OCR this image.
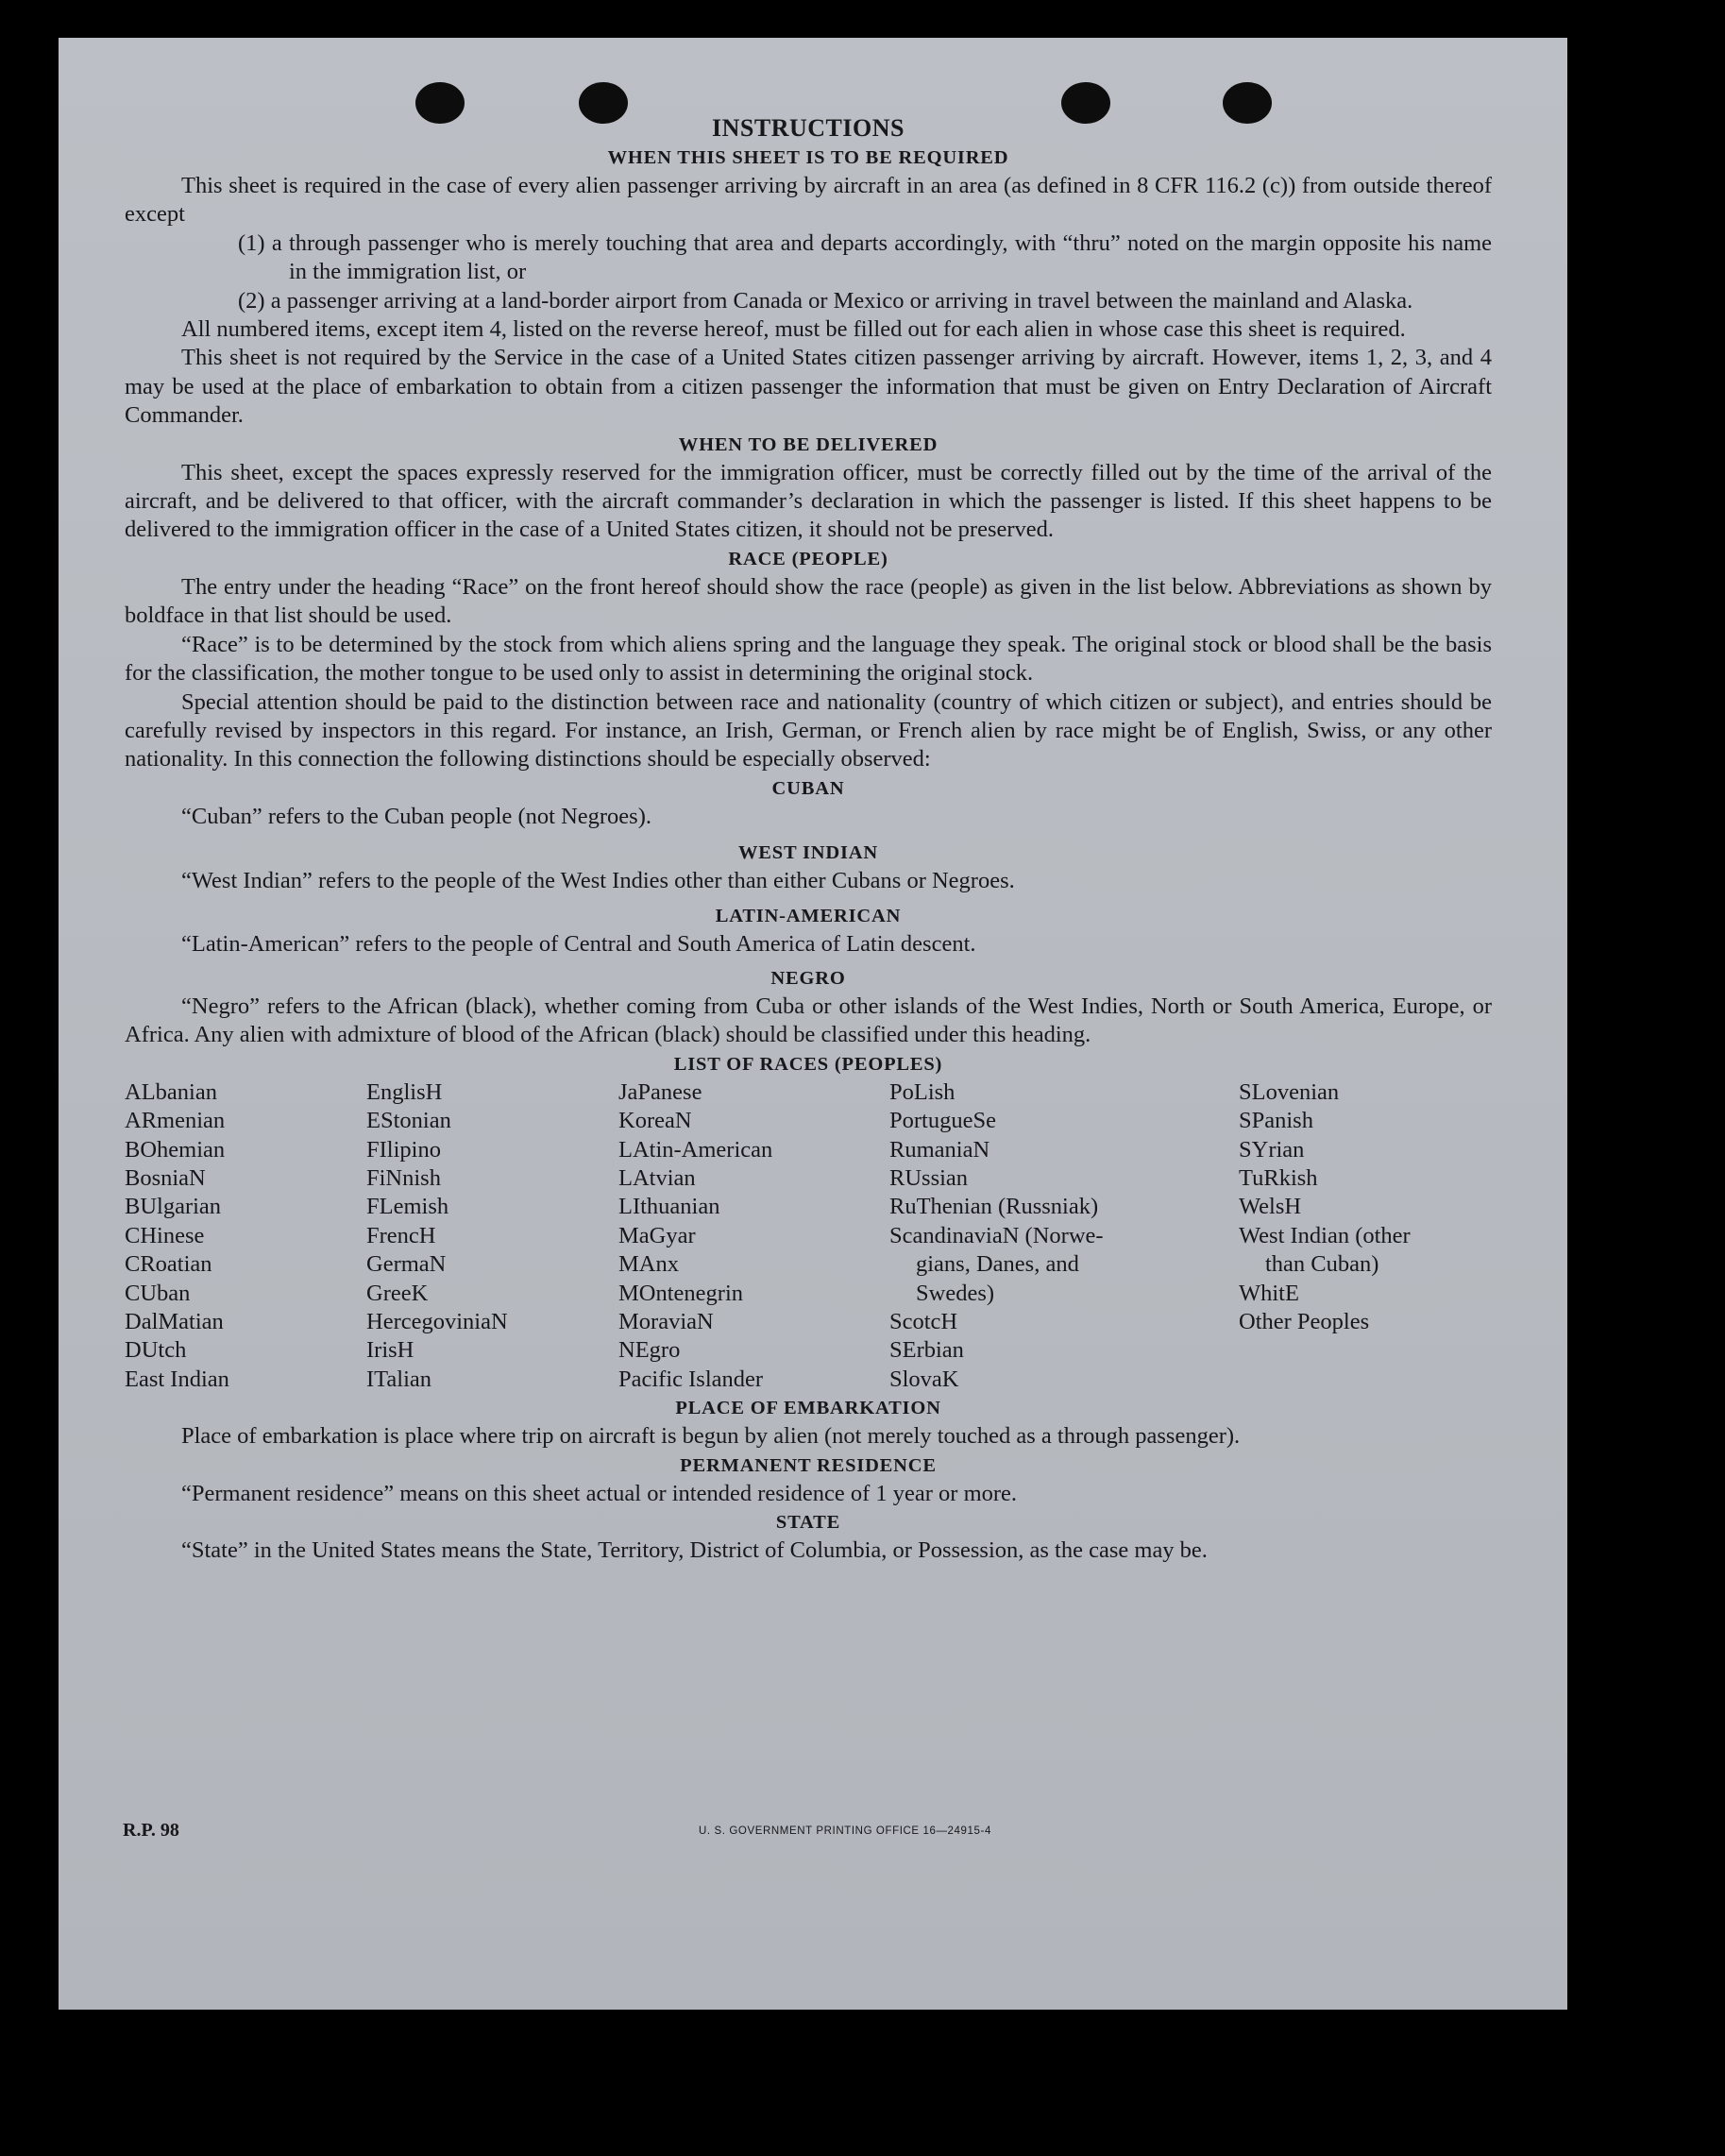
INSTRUCTIONS
WHEN THIS SHEET IS TO BE REQUIRED

This sheet is required in the case of every alien passenger arriving by aircraft in an area (as defined in 8 CFR 116.2 (c)) from outside thereof except

(1) a through passenger who is merely touching that area and departs accordingly, with “thru” noted on the margin opposite his name in the immigration list, or

(2) a passenger arriving at a land-border airport from Canada or Mexico or arriving in travel between the mainland and Alaska.

All numbered items, except item 4, listed on the reverse hereof, must be filled out for each alien in whose case this sheet is required.

This sheet is not required by the Service in the case of a United States citizen passenger arriving by aircraft. However, items 1, 2, 3, and 4 may be used at the place of embarkation to obtain from a citizen passenger the information that must be given on Entry Declaration of Aircraft Commander.

WHEN TO BE DELIVERED

This sheet, except the spaces expressly reserved for the immigration officer, must be correctly filled out by the time of the arrival of the aircraft, and be delivered to that officer, with the aircraft commander’s declaration in which the passenger is listed. If this sheet happens to be delivered to the immigration officer in the case of a United States citizen, it should not be preserved.

RACE (PEOPLE)

The entry under the heading “Race” on the front hereof should show the race (people) as given in the list below. Abbreviations as shown by boldface in that list should be used.

“Race” is to be determined by the stock from which aliens spring and the language they speak. The original stock or blood shall be the basis for the classification, the mother tongue to be used only to assist in determining the original stock.

Special attention should be paid to the distinction between race and nationality (country of which citizen or subject), and entries should be carefully revised by inspectors in this regard. For instance, an Irish, German, or French alien by race might be of English, Swiss, or any other nationality. In this connection the following distinctions should be especially observed:

CUBAN

“Cuban” refers to the Cuban people (not Negroes).

WEST INDIAN

“West Indian” refers to the people of the West Indies other than either Cubans or Negroes.

LATIN-AMERICAN

“Latin-American” refers to the people of Central and South America of Latin descent.

NEGRO

“Negro” refers to the African (black), whether coming from Cuba or other islands of the West Indies, North or South America, Europe, or Africa. Any alien with admixture of blood of the African (black) should be classified under this heading.

LIST OF RACES (PEOPLES)
ALbanian
ARmenian
BOhemian
BosniaN
BUlgarian
CHinese
CRoatian
CUban
DalMatian
DUtch
East Indian
EnglisH
EStonian
FIlipino
FiNnish
FLemish
FrencH
GermaN
GreeK
HercegoviniaN
IrisH
ITalian
JaPanese
KoreaN
LAtin-American
LAtvian
LIthuanian
MaGyar
MAnx
MOntenegrin
MoraviaN
NEgro
Pacific Islander
PoLish
PortugueSe
RumaniaN
RUssian
RuThenian (Russniak)
ScandinaviaN (Norwe-
gians, Danes, and
Swedes)
ScotcH
SErbian
SlovaK
SLovenian
SPanish
SYrian
TuRkish
WelsH
West Indian (other
than Cuban)
WhitE
Other Peoples
PLACE OF EMBARKATION

Place of embarkation is place where trip on aircraft is begun by alien (not merely touched as a through passenger).

PERMANENT RESIDENCE

“Permanent residence” means on this sheet actual or intended residence of 1 year or more.

STATE

“State” in the United States means the State, Territory, District of Columbia, or Possession, as the case may be.

R.P. 98	U. S. GOVERNMENT PRINTING OFFICE 16—24915-4
